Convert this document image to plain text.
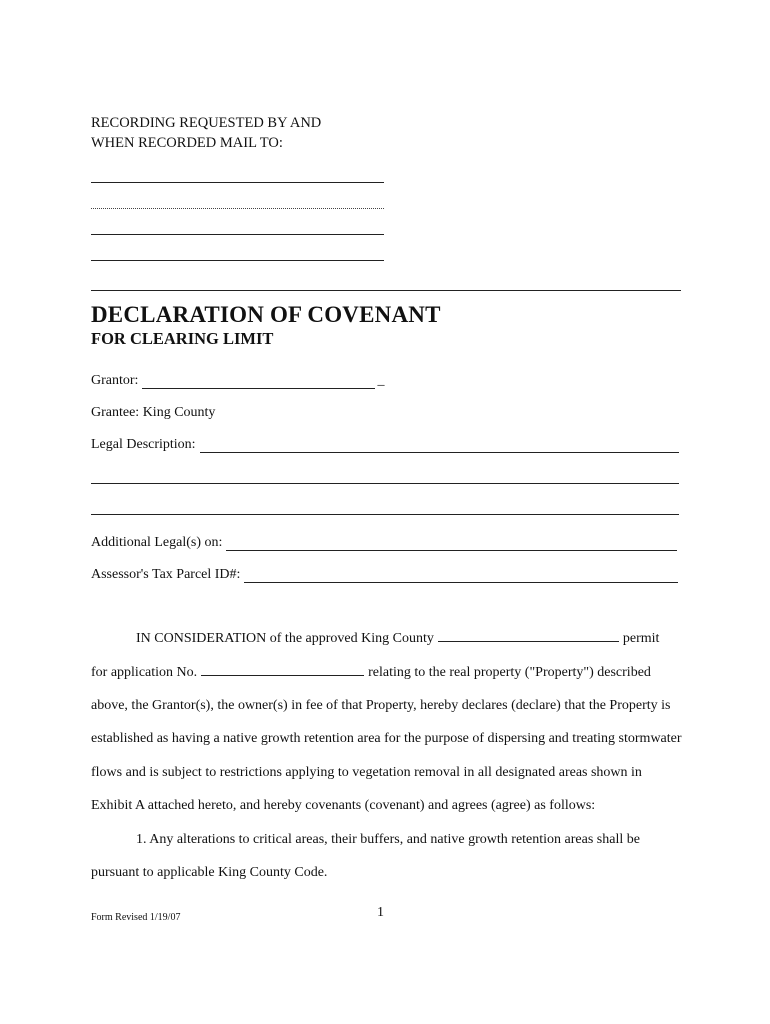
RECORDING REQUESTED BY AND
WHEN RECORDED MAIL TO:
DECLARATION OF COVENANT
FOR CLEARING LIMIT
Grantor:	_
Grantee: King County
Legal Description:
Additional Legal(s) on:
Assessor's Tax Parcel ID#:
IN CONSIDERATION of the approved King County	permit
for application No.	relating to the real property ("Property") described
above, the Grantor(s), the owner(s) in fee of that Property, hereby declares (declare) that the Property is
established as having a native growth retention area for the purpose of dispersing and treating stormwater
flows and is subject to restrictions applying to vegetation removal in all designated areas shown in
Exhibit A attached hereto, and hereby covenants (covenant) and agrees (agree) as follows:
1. Any alterations to critical areas, their buffers, and native growth retention areas shall be
pursuant to applicable King County Code.
Form Revised 1/19/07	1
